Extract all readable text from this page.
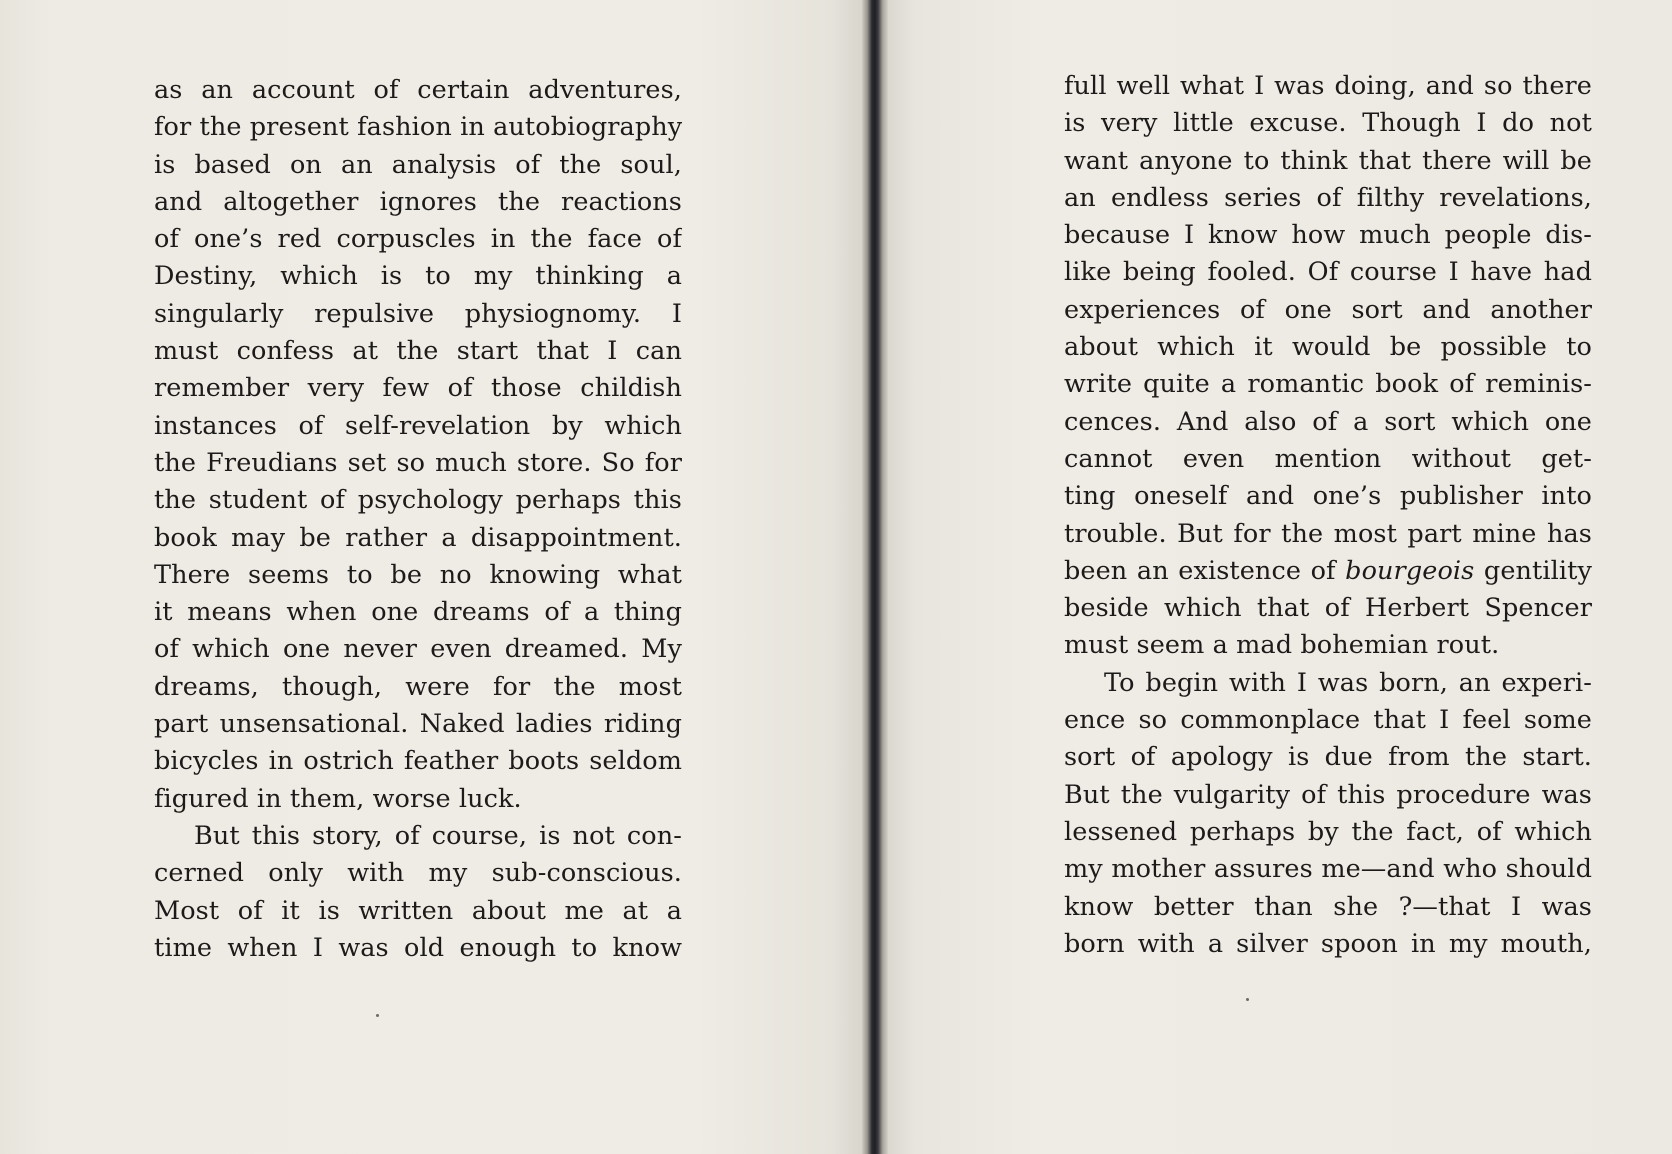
as an account of certain adventures,
for the present fashion in autobiography
is based on an analysis of the soul,
and altogether ignores the reactions
of one’s red corpuscles in the face of
Destiny, which is to my thinking a
singularly repulsive physiognomy. I
must confess at the start that I can
remember very few of those childish
instances of self-revelation by which
the Freudians set so much store. So for
the student of psychology perhaps this
book may be rather a disappointment.
There seems to be no knowing what
it means when one dreams of a thing
of which one never even dreamed. My
dreams, though, were for the most
part unsensational. Naked ladies riding
bicycles in ostrich feather boots seldom
figured in them, worse luck.
But this story, of course, is not con-
cerned only with my sub-conscious.
Most of it is written about me at a
time when I was old enough to know
full well what I was doing, and so there
is very little excuse. Though I do not
want anyone to think that there will be
an endless series of filthy revelations,
because I know how much people dis-
like being fooled. Of course I have had
experiences of one sort and another
about which it would be possible to
write quite a romantic book of reminis-
cences. And also of a sort which one
cannot even mention without get-
ting oneself and one’s publisher into
trouble. But for the most part mine has
been an existence of bourgeois gentility
beside which that of Herbert Spencer
must seem a mad bohemian rout.
To begin with I was born, an experi-
ence so commonplace that I feel some
sort of apology is due from the start.
But the vulgarity of this procedure was
lessened perhaps by the fact, of which
my mother assures me—and who should
know better than she ?—that I was
born with a silver spoon in my mouth,
